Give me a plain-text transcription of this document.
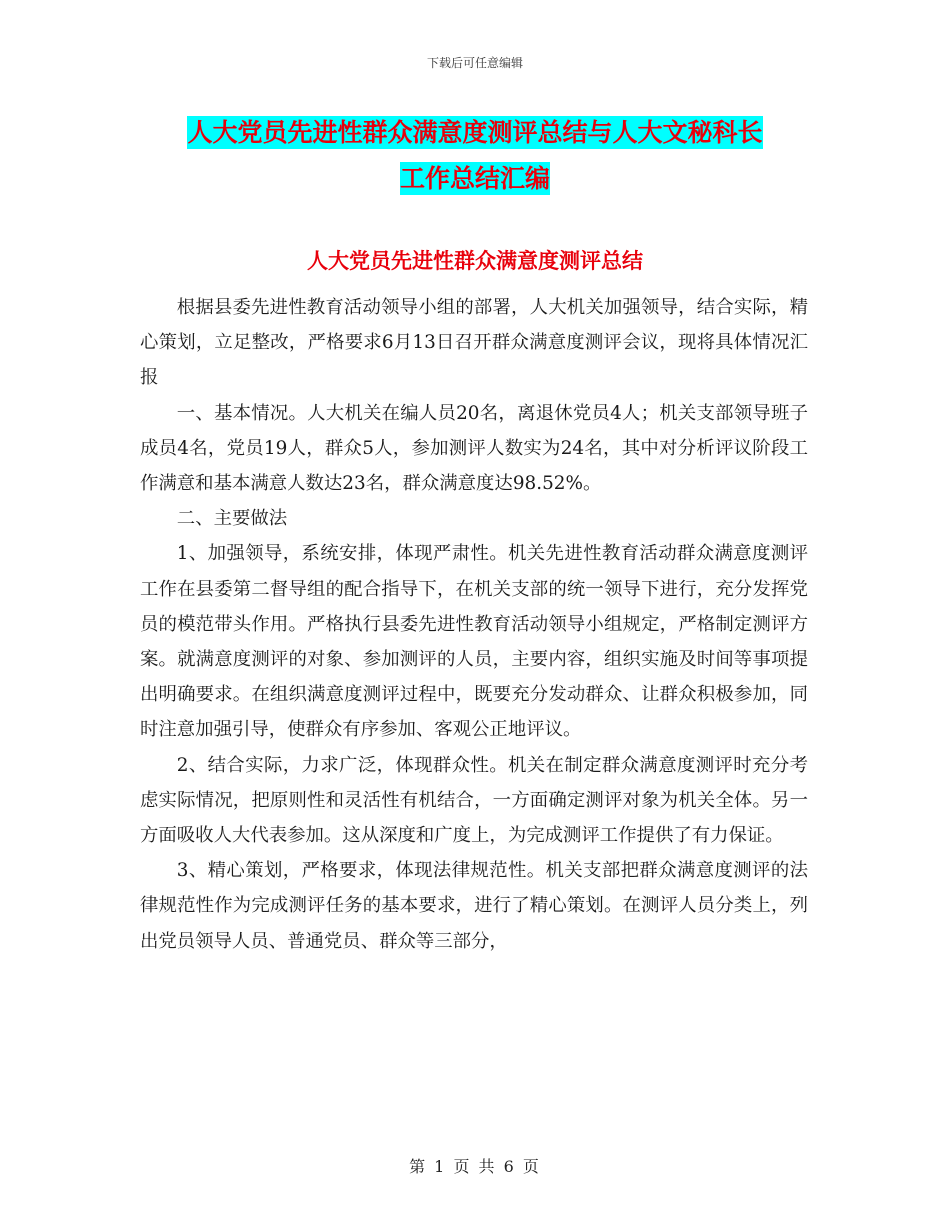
下载后可任意编辑
人大党员先进性群众满意度测评总结与人大文秘科长
工作总结汇编
人大党员先进性群众满意度测评总结

根据县委先进性教育活动领导小组的部署，人大机关加强领导，结合实际，精心策划，立足整改，严格要求6月13日召开群众满意度测评会议，现将具体情况汇报

一、基本情况。人大机关在编人员20名，离退休党员4人；机关支部领导班子成员4名，党员19人，群众5人，参加测评人数实为24名，其中对分析评议阶段工作满意和基本满意人数达23名，群众满意度达98.52%。

二、主要做法

1、加强领导，系统安排，体现严肃性。机关先进性教育活动群众满意度测评工作在县委第二督导组的配合指导下，在机关支部的统一领导下进行，充分发挥党员的模范带头作用。严格执行县委先进性教育活动领导小组规定，严格制定测评方案。就满意度测评的对象、参加测评的人员，主要内容，组织实施及时间等事项提出明确要求。在组织满意度测评过程中，既要充分发动群众、让群众积极参加，同时注意加强引导，使群众有序参加、客观公正地评议。

2、结合实际，力求广泛，体现群众性。机关在制定群众满意度测评时充分考虑实际情况，把原则性和灵活性有机结合，一方面确定测评对象为机关全体。另一方面吸收人大代表参加。这从深度和广度上，为完成测评工作提供了有力保证。

3、精心策划，严格要求，体现法律规范性。机关支部把群众满意度测评的法律规范性作为完成测评任务的基本要求，进行了精心策划。在测评人员分类上，列出党员领导人员、普通党员、群众等三部分，

第 1 页 共 6 页
